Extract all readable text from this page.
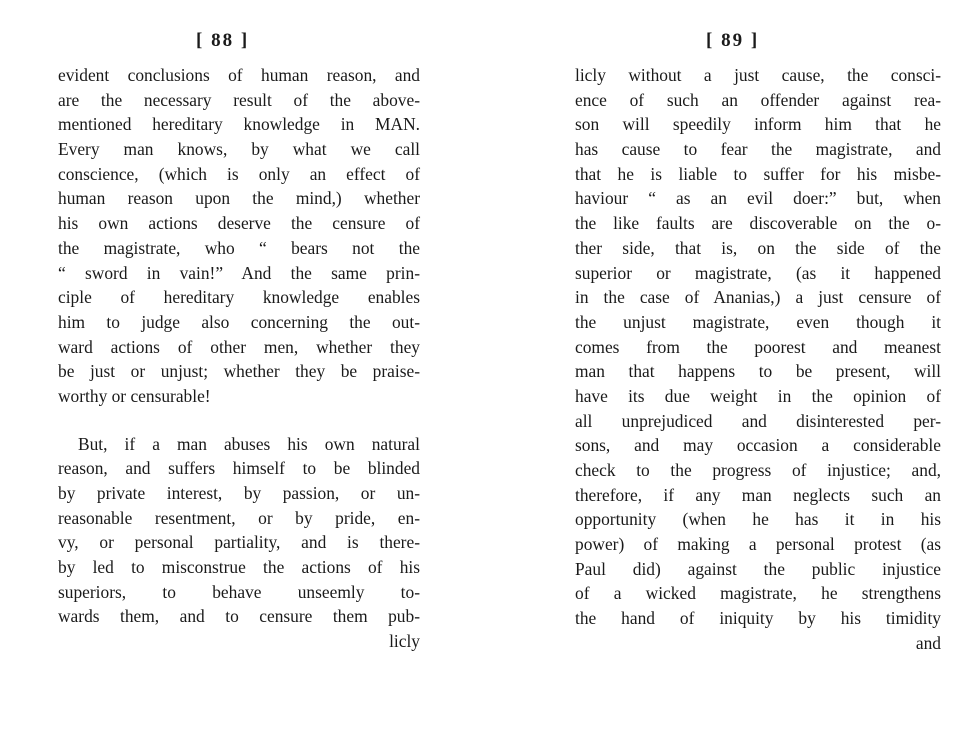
[ 88 ]	[ 89 ]
evident conclusions of human reason, and
are the necessary result of the above-
mentioned hereditary knowledge in MAN.
Every man knows, by what we call
conscience, (which is only an effect of
human reason upon the mind,) whether
his own actions deserve the censure of
the magistrate, who “ bears not the
“ sword in vain!” And the same prin-
ciple of hereditary knowledge enables
him to judge also concerning the out-
ward actions of other men, whether they
be just or unjust; whether they be praise-
worthy or censurable!
But, if a man abuses his own natural
reason, and suffers himself to be blinded
by private interest, by passion, or un-
reasonable resentment, or by pride, en-
vy, or personal partiality, and is there-
by led to misconstrue the actions of his
superiors, to behave unseemly to-
wards them, and to censure them pub-
licly
licly without a just cause, the consci-
ence of such an offender against rea-
son will speedily inform him that he
has cause to fear the magistrate, and
that he is liable to suffer for his misbe-
haviour “ as an evil doer:” but, when
the like faults are discoverable on the o-
ther side, that is, on the side of the
superior or magistrate, (as it happened
in the case of Ananias,) a just censure of
the unjust magistrate, even though it
comes from the poorest and meanest
man that happens to be present, will
have its due weight in the opinion of
all unprejudiced and disinterested per-
sons, and may occasion a considerable
check to the progress of injustice; and,
therefore, if any man neglects such an
opportunity (when he has it in his
power) of making a personal protest (as
Paul did) against the public injustice
of a wicked magistrate, he strengthens
the hand of iniquity by his timidity
and
